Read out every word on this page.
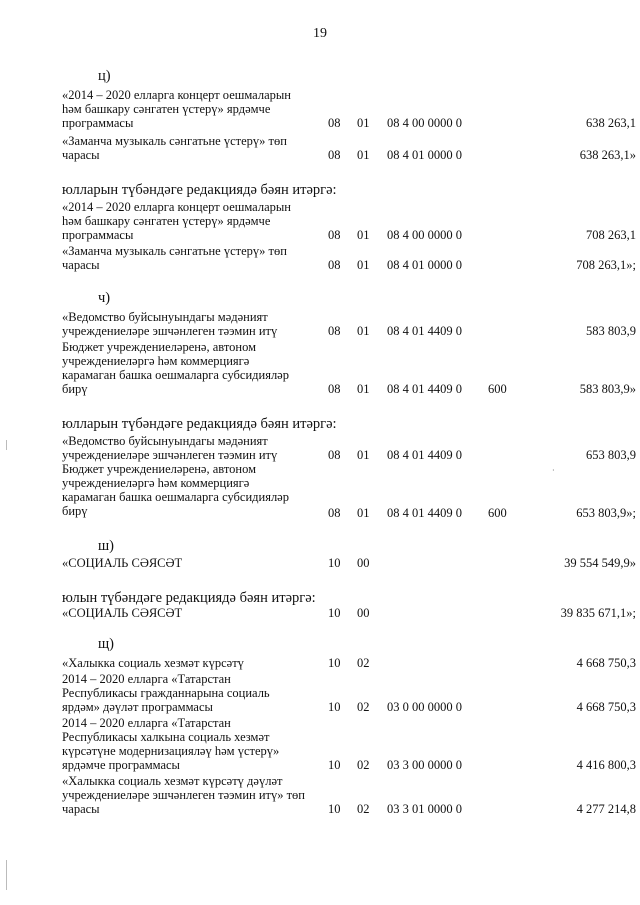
19
ц)
«2014 – 2020 елларга концерт оешмаларын
һәм башкару сәнгатен үстерү» ярдәмче
программасы	08 01 08 4 00 0000 0	638 263,1
«Заманча музыкаль сәнгатьне үстерү» төп
чарасы	08 01 08 4 01 0000 0	638 263,1»
юлларын түбәндәге редакциядә бәян итәргә:
«2014 – 2020 елларга концерт оешмаларын
һәм башкару сәнгатен үстерү» ярдәмче
программасы	08 01 08 4 00 0000 0	708 263,1
«Заманча музыкаль сәнгатьне үстерү» төп
чарасы	08 01 08 4 01 0000 0	708 263,1»;
ч)
«Ведомство буйсынуындагы мәдәният
учреждениеләре эшчәнлеген тәэмин итү	08 01 08 4 01 4409 0	583 803,9
Бюджет учреждениеләренә, автоном
учреждениеләргә һәм коммерциягә
карамаган башка оешмаларга субсидияләр
бирү	08 01 08 4 01 4409 0 600	583 803,9»
юлларын түбәндәге редакциядә бәян итәргә:
«Ведомство буйсынуындагы мәдәният
учреждениеләре эшчәнлеген тәэмин итү	08 01 08 4 01 4409 0	653 803,9
·
Бюджет учреждениеләренә, автоном
учреждениеләргә һәм коммерциягә
карамаган башка оешмаларга субсидияләр
бирү	08 01 08 4 01 4409 0 600	653 803,9»;
ш)
«СОЦИАЛЬ СӘЯСӘТ	10 00	39 554 549,9»
юлын түбәндәге редакциядә бәян итәргә:
«СОЦИАЛЬ СӘЯСӘТ	10 00	39 835 671,1»;
щ)
«Халыкка социаль хезмәт күрсәтү	10 02	4 668 750,3
2014 – 2020 елларга «Татарстан
Республикасы гражданнарына социаль
ярдәм» дәүләт программасы	10 02 03 0 00 0000 0	4 668 750,3
2014 – 2020 елларга «Татарстан
Республикасы халкына социаль хезмәт
күрсәтүне модернизацияләү һәм үстерү»
ярдәмче программасы	10 02 03 3 00 0000 0	4 416 800,3
«Халыкка социаль хезмәт күрсәтү дәүләт
учреждениеләре эшчәнлеген тәэмин итү» төп
чарасы	10 02 03 3 01 0000 0	4 277 214,8
